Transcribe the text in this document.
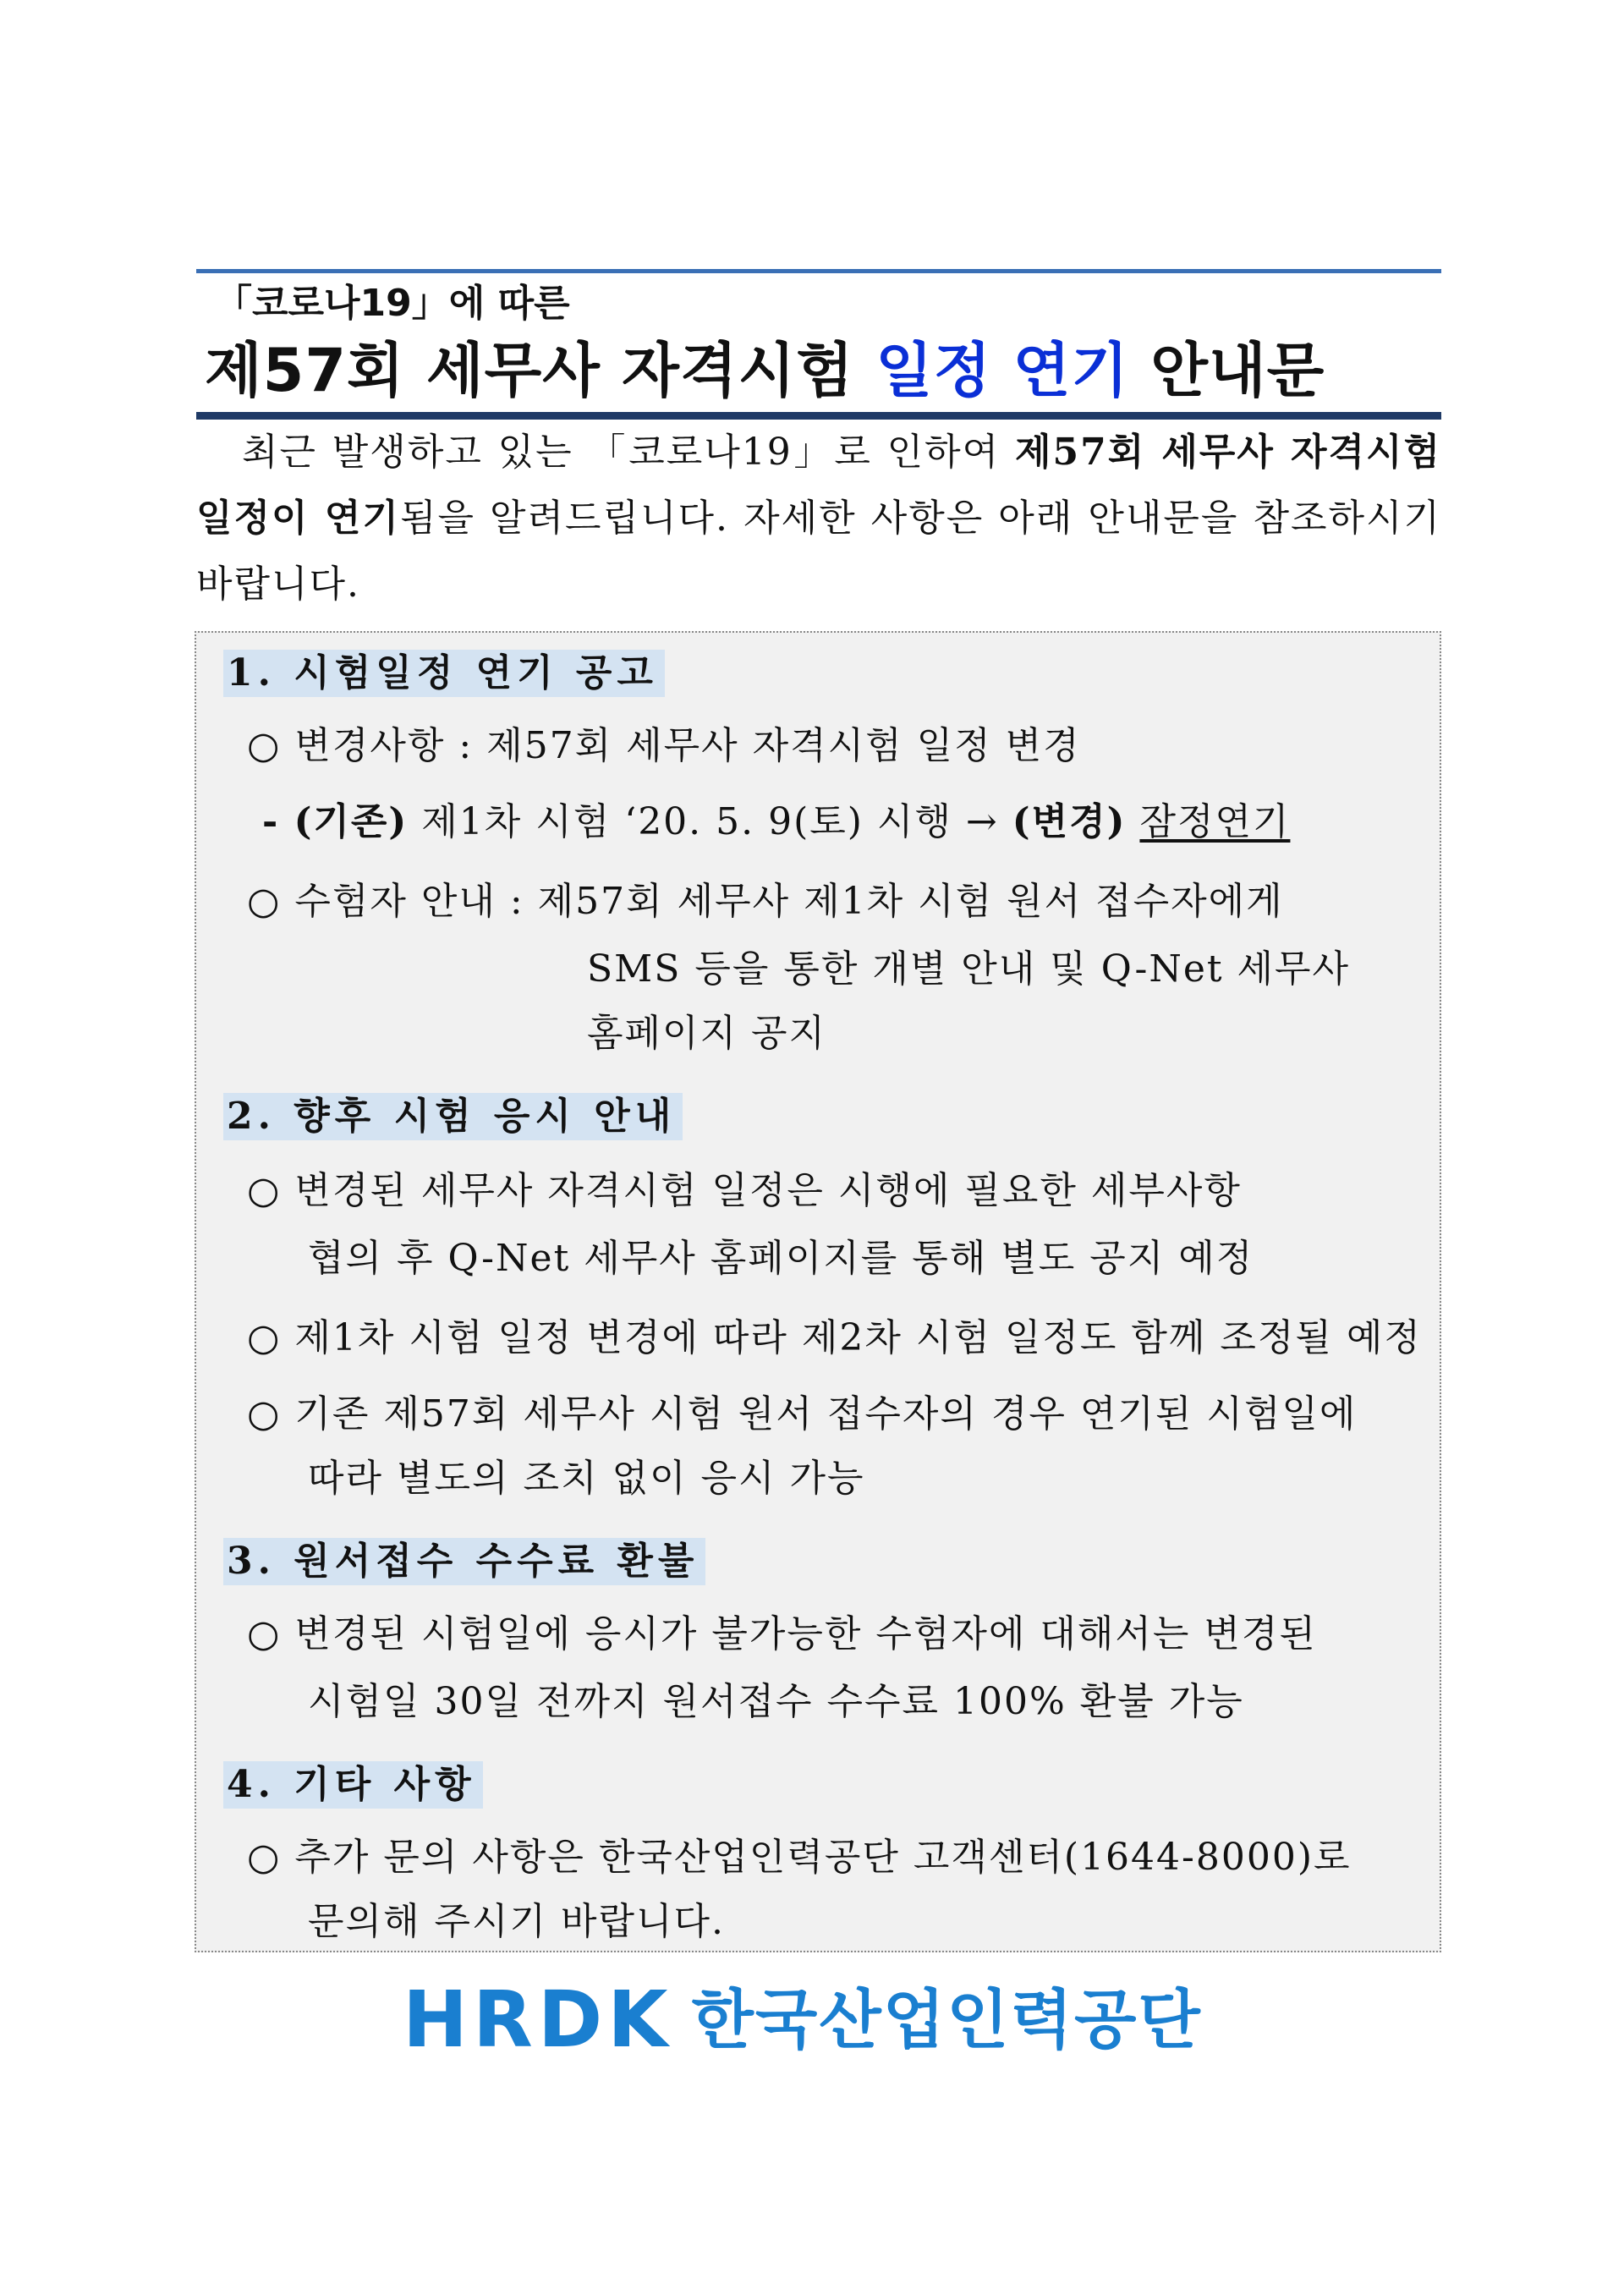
「코로나19」에 따른
제57회 세무사 자격시험 일정 연기 안내문
최근 발생하고 있는 「코로나19」로 인하여 제57회 세무사 자격시험 일정이 연기됨을 알려드립니다. 자세한 사항은 아래 안내문을 참조하시기 바랍니다.
1. 시험일정 연기 공고
○ 변경사항 : 제57회 세무사 자격시험 일정 변경
- (기존) 제1차 시험 ‘20. 5. 9(토) 시행 → (변경) 잠정연기
○ 수험자 안내 : 제57회 세무사 제1차 시험 원서 접수자에게
SMS 등을 통한 개별 안내 및 Q-Net 세무사
홈페이지 공지
2. 향후 시험 응시 안내
○ 변경된 세무사 자격시험 일정은 시행에 필요한 세부사항
협의 후 Q-Net 세무사 홈페이지를 통해 별도 공지 예정
○ 제1차 시험 일정 변경에 따라 제2차 시험 일정도 함께 조정될 예정
○ 기존 제57회 세무사 시험 원서 접수자의 경우 연기된 시험일에
따라 별도의 조치 없이 응시 가능
3. 원서접수 수수료 환불
○ 변경된 시험일에 응시가 불가능한 수험자에 대해서는 변경된
시험일 30일 전까지 원서접수 수수료 100% 환불 가능
4. 기타 사항
○ 추가 문의 사항은 한국산업인력공단 고객센터(1644-8000)로
문의해 주시기 바랍니다.
HRDK 한국산업인력공단
